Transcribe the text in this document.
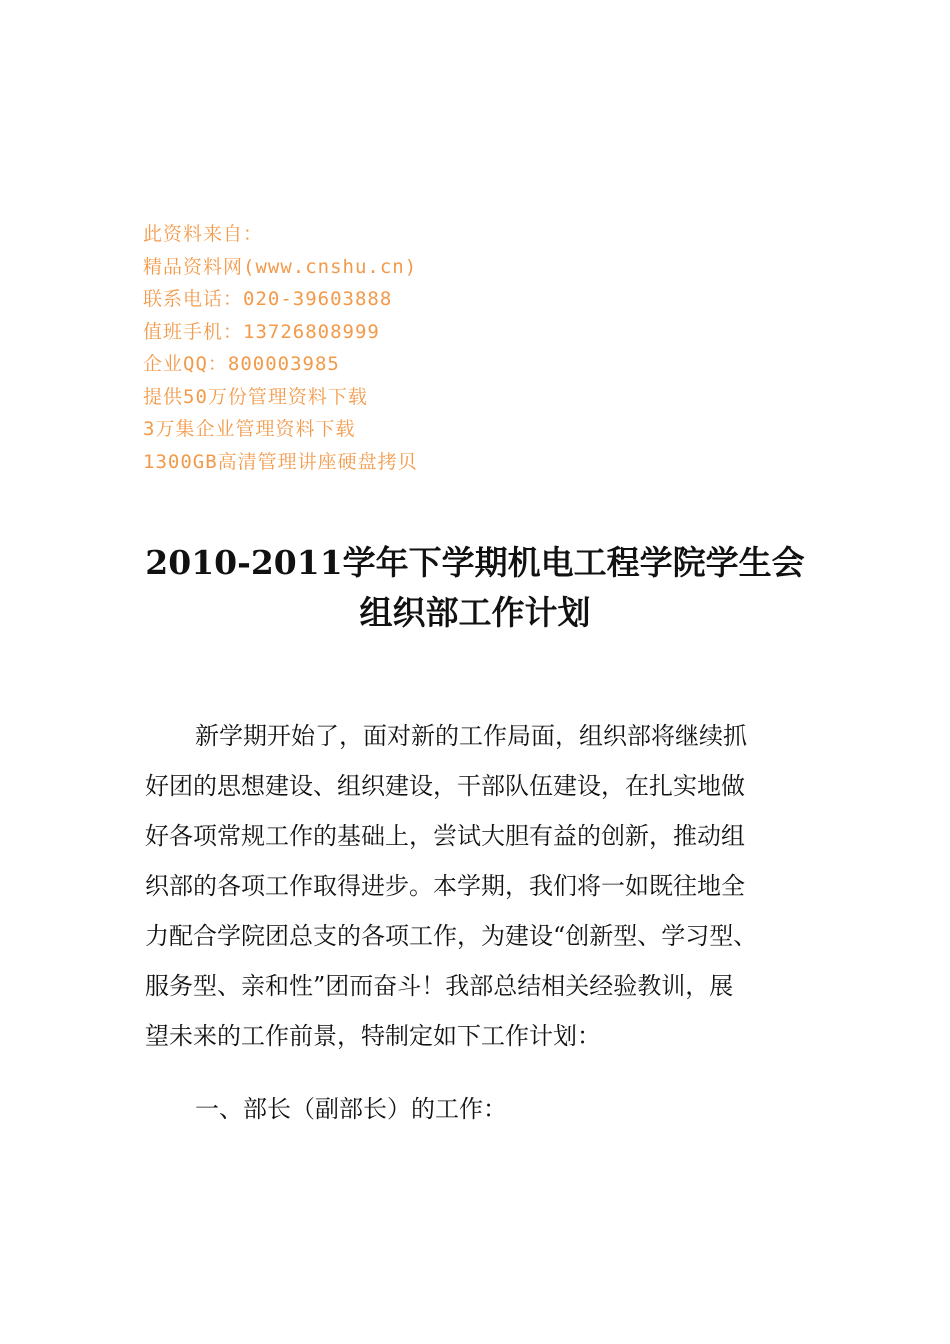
此资料来自：
精品资料网(www.cnshu.cn)
联系电话：020-39603888
值班手机：13726808999
企业QQ：800003985
提供50万份管理资料下载
3万集企业管理资料下载
1300GB高清管理讲座硬盘拷贝
2010-2011学年下学期机电工程学院学生会
组织部工作计划

新学期开始了，面对新的工作局面，组织部将继续抓
好团的思想建设、组织建设，干部队伍建设，在扎实地做
好各项常规工作的基础上，尝试大胆有益的创新，推动组
织部的各项工作取得进步。本学期，我们将一如既往地全
力配合学院团总支的各项工作，为建设“创新型、学习型、
服务型、亲和性”团而奋斗！我部总结相关经验教训，展
望未来的工作前景，特制定如下工作计划：

一、部长（副部长）的工作：
